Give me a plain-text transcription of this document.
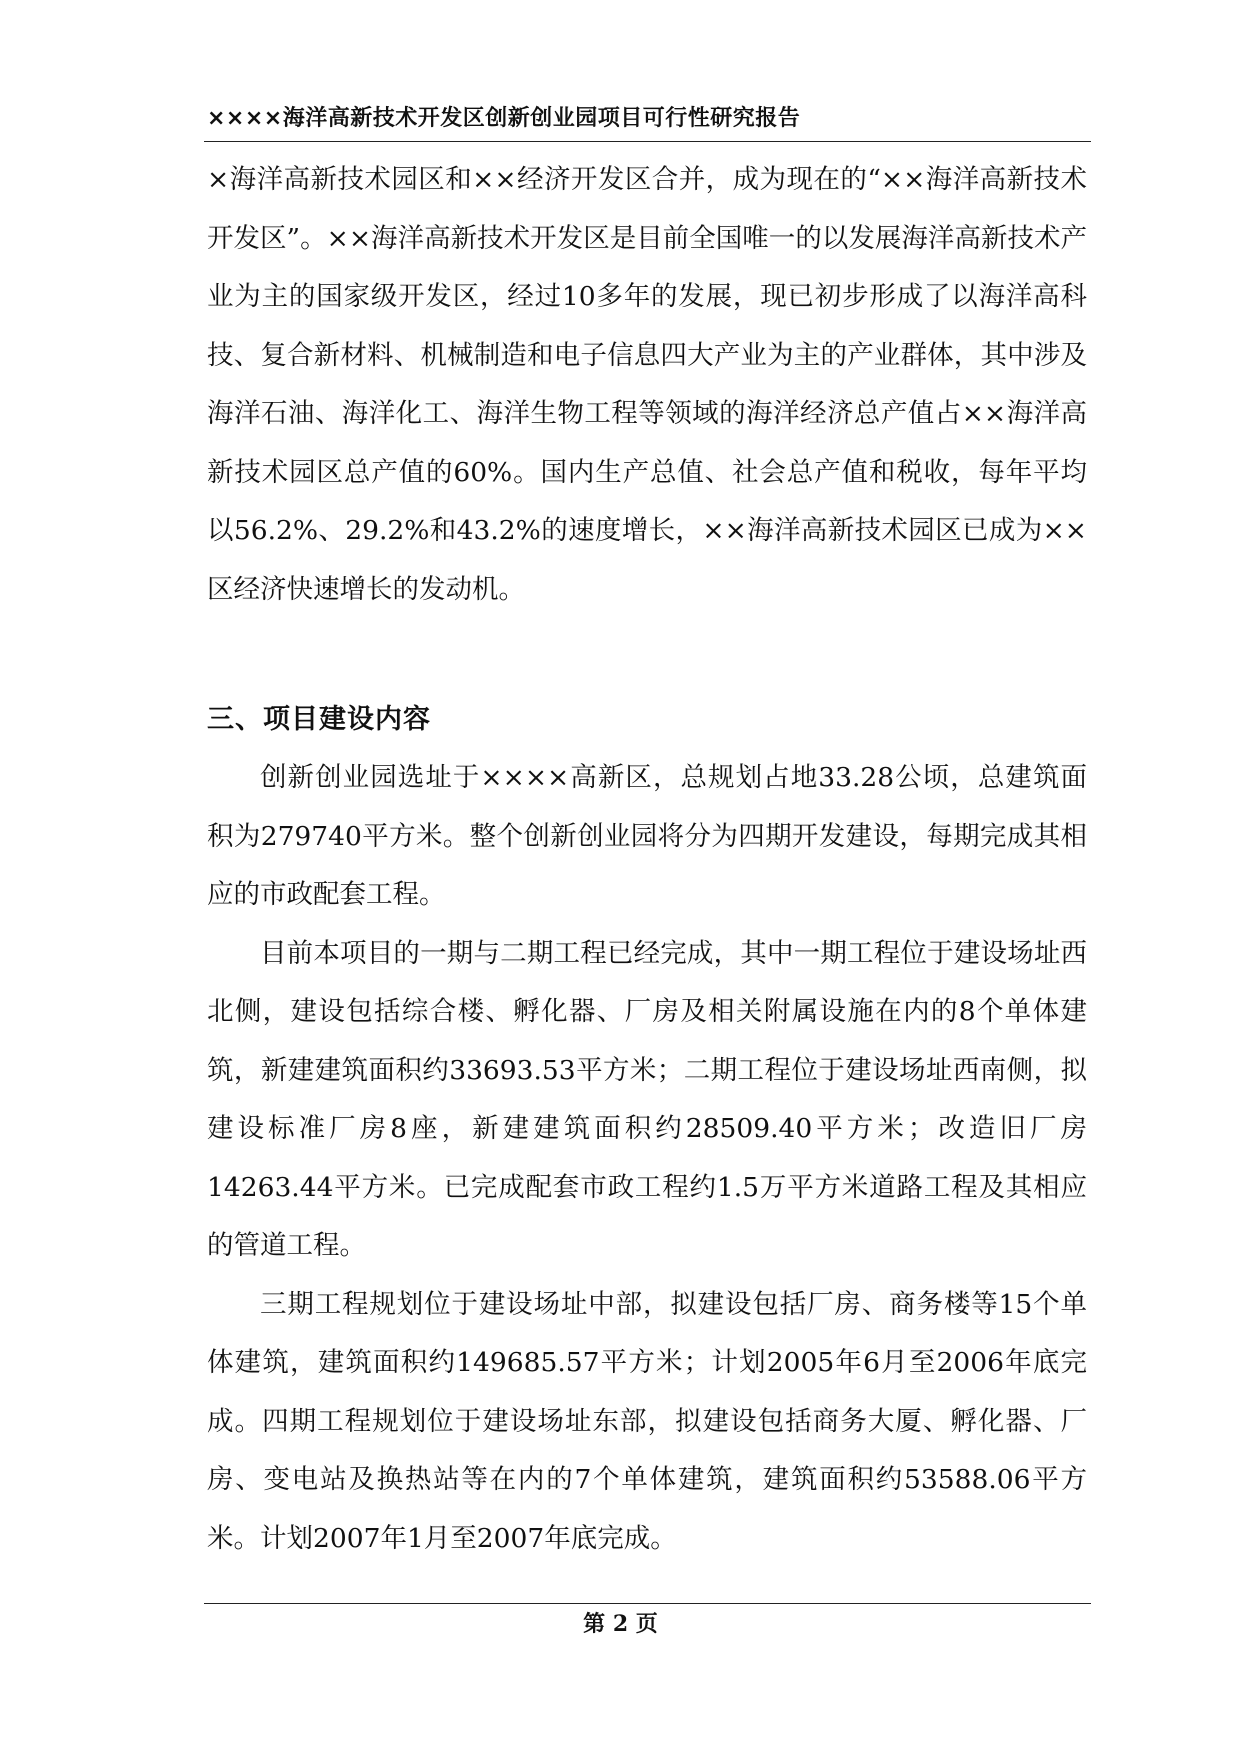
××××海洋高新技术开发区创新创业园项目可行性研究报告

×海洋高新技术园区和××经济开发区合并，成为现在的“××海洋高新技术开发区”。××海洋高新技术开发区是目前全国唯一的以发展海洋高新技术产业为主的国家级开发区，经过10多年的发展，现已初步形成了以海洋高科技、复合新材料、机械制造和电子信息四大产业为主的产业群体，其中涉及海洋石油、海洋化工、海洋生物工程等领域的海洋经济总产值占××海洋高新技术园区总产值的60%。国内生产总值、社会总产值和税收，每年平均以56.2%、29.2%和43.2%的速度增长，××海洋高新技术园区已成为××区经济快速增长的发动机。

三、项目建设内容

创新创业园选址于××××高新区，总规划占地33.28公顷，总建筑面积为279740平方米。整个创新创业园将分为四期开发建设，每期完成其相应的市政配套工程。

目前本项目的一期与二期工程已经完成，其中一期工程位于建设场址西北侧，建设包括综合楼、孵化器、厂房及相关附属设施在内的8个单体建筑，新建建筑面积约33693.53平方米；二期工程位于建设场址西南侧，拟建设标准厂房8座，新建建筑面积约28509.40平方米；改造旧厂房14263.44平方米。已完成配套市政工程约1.5万平方米道路工程及其相应的管道工程。

三期工程规划位于建设场址中部，拟建设包括厂房、商务楼等15个单体建筑，建筑面积约149685.57平方米；计划2005年6月至2006年底完成。四期工程规划位于建设场址东部，拟建设包括商务大厦、孵化器、厂房、变电站及换热站等在内的7个单体建筑，建筑面积约53588.06平方米。计划2007年1月至2007年底完成。

第 2 页
